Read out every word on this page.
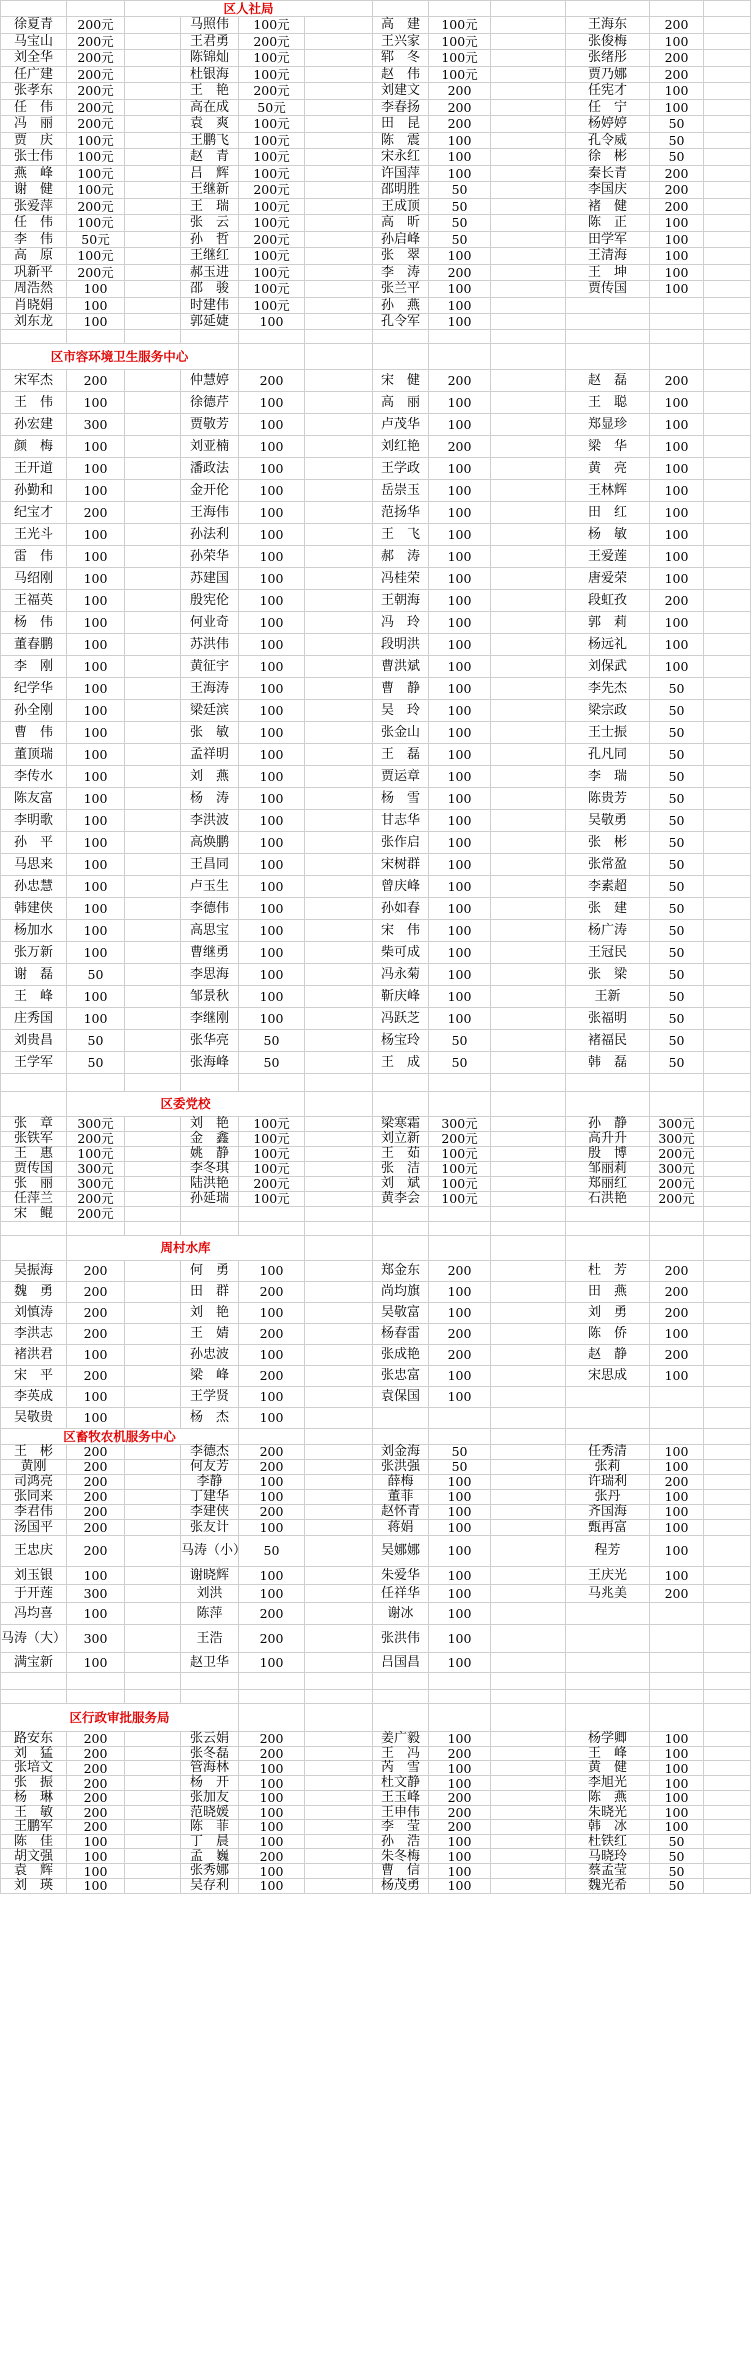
		区人社局									
徐夏青	200元		马照伟	100元		高　建	100元		王海东	200	
马宝山	200元		王君勇	200元		王兴家	100元		张俊梅	100	
刘全华	200元		陈锦灿	100元		郓　冬	100元		张绪彤	200	
任广建	200元		杜银海	100元		赵　伟	100元		贾乃娜	200	
张孝东	200元		王　艳	200元		刘建文	200		任宪才	100	
任　伟	200元		高在成	50元		李春扬	200		任　宁	100	
冯　丽	200元		袁　爽	100元		田　昆	200		杨婷婷	50	
贾　庆	100元		王鹏飞	100元		陈　震	100		孔令威	50	
张士伟	100元		赵　青	100元		宋永红	100		徐　彬	50	
燕　峰	100元		吕　辉	100元		许国萍	100		秦长青	200	
谢　健	100元		王继新	200元		邵明胜	50		李国庆	200	
张爱萍	200元		王　瑞	100元		王成顶	50		褚　健	200	
任　伟	100元		张　云	100元		高　昕	50		陈　正	100	
李　伟	50元		孙　哲	200元		孙启峰	50		田学军	100	
高　原	100元		王继红	100元		张　翠	100		王清海	100	
巩新平	200元		郝玉进	100元		李　涛	200		王　坤	100	
周浩然	100		邵　骏	100元		张兰平	100		贾传国	100	
肖晓娟	100		时建伟	100元		孙　燕	100				
刘东龙	100		郭延婕	100		孔令军	100				

区市容环境卫生服务中心											
宋军杰	200		仲慧婷	200		宋　健	200		赵　磊	200	
王　伟	100		徐德芹	100		高　丽	100		王　聪	100	
孙宏建	300		贾敬芳	100		卢茂华	100		郑显珍	100	
颜　梅	100		刘亚楠	100		刘红艳	200		梁　华	100	
王开道	100		潘政法	100		王学政	100		黄　亮	100	
孙勤和	100		金开伦	100		岳崇玉	100		王林辉	100	
纪宝才	200		王海伟	100		范扬华	100		田　红	100	
王光斗	100		孙法利	100		王　飞	100		杨　敏	100	
雷　伟	100		孙荣华	100		郝　涛	100		王爱莲	100	
马绍刚	100		苏建国	100		冯桂荣	100		唐爱荣	100	
王福英	100		殷宪伦	100		王朝海	100		段虹孜	200	
杨　伟	100		何业奇	100		冯　玲	100		郭　莉	100	
董春鹏	100		苏洪伟	100		段明洪	100		杨远礼	100	
李　刚	100		黄征宇	100		曹洪斌	100		刘保武	100	
纪学华	100		王海涛	100		曹　静	100		李先杰	50	
孙全刚	100		梁廷滨	100		吴　玲	100		梁宗政	50	
曹　伟	100		张　敏	100		张金山	100		王士振	50	
董顶瑞	100		孟祥明	100		王　磊	100		孔凡同	50	
李传水	100		刘　燕	100		贾运章	100		李　瑞	50	
陈友富	100		杨　涛	100		杨　雪	100		陈贵芳	50	
李明歌	100		李洪波	100		甘志华	100		吴敬勇	50	
孙　平	100		高焕鹏	100		张作启	100		张　彬	50	
马思来	100		王昌同	100		宋树群	100		张常盈	50	
孙忠慧	100		卢玉生	100		曾庆峰	100		李素超	50	
韩建侠	100		李德伟	100		孙如春	100		张　建	50	
杨加水	100		高思宝	100		宋　伟	100		杨广涛	50	
张万新	100		曹继勇	100		柴可成	100		王冠民	50	
谢　磊	50		李思海	100		冯永菊	100		张　梁	50	
王　峰	100		邹景秋	100		靳庆峰	100		王新	50	
庄秀国	100		李继刚	100		冯跃芝	100		张福明	50	
刘贵昌	50		张华亮	50		杨宝玲	50		褚福民	50	
王学军	50		张海峰	50		王　成	50		韩　磊	50	

	区委党校										
张　章	300元		刘　艳	100元		梁寒霜	300元		孙　静	300元	
张铁军	200元		金　鑫	100元		刘立新	200元		高升升	300元	
王　惠	100元		姚　静	100元		王　茹	100元		殷　博	200元	
贾传国	300元		李冬琪	100元		张　洁	100元		邹丽莉	300元	
张　丽	300元		陆洪艳	200元		刘　斌	100元		郑丽红	200元	
任萍兰	200元		孙延瑞	100元		黄李会	100元		石洪艳	200元	
宋　鲲	200元										

	周村水库										
吴振海	200		何　勇	100		郑金东	200		杜　芳	200	
魏　勇	200		田　群	200		尚均旗	100		田　燕	200	
刘慎涛	200		刘　艳	100		吴敬富	100		刘　勇	200	
李洪志	200		王　婧	200		杨春雷	200		陈　侨	100	
褚洪君	100		孙忠波	100		张成艳	200		赵　静	200	
宋　平	200		梁　峰	200		张忠富	100		宋思成	100	
李英成	100		王学贤	100		袁保国	100				
吴敬贵	100		杨　杰	100							
区畜牧农机服务中心											
王　彬	200		李德杰	200		刘金海	50		任秀清	100	
黄刚	200		何友芳	200		张洪强	50		张莉	100	
司鸿亮	200		李静	100		薛梅	100		许瑞利	200	
张同来	200		丁建华	100		董菲	100		张丹	100	
李君伟	200		李建侠	200		赵怀青	100		齐国海	100	
汤国平	200		张友计	100		蒋娟	100		甄再富	100	
王忠庆	200		马涛（小）	50		吴娜娜	100		程芳	100	
刘玉银	100		谢晓辉	100		朱爱华	100		王庆光	100	
于开莲	300		刘洪	100		任祥华	100		马兆美	200	
冯均喜	100		陈萍	200		谢冰	100				
马涛（大）	300		王浩	200		张洪伟	100				
满宝新	100		赵卫华	100		吕国昌	100				

区行政审批服务局											
路安东	200		张云娟	200		姜广毅	100		杨学卿	100	
刘　猛	200		张冬磊	200		王　冯	200		王　峰	100	
张培文	200		管海林	100		芮　雪	100		黄　健	100	
张　振	200		杨　开	100		杜文静	100		李旭光	100	
杨　琳	200		张加友	100		王玉峰	200		陈　燕	100	
王　敏	200		范晓媛	100		王申伟	200		朱晓光	100	
王鹏军	200		陈　菲	100		李　莹	200		韩　冰	100	
陈　佳	100		丁　晨	100		孙　浩	100		杜铁红	50	
胡文强	100		孟　巍	200		朱冬梅	100		马晓玲	50	
袁　辉	100		张秀娜	100		曹　信	100		蔡孟莹	50	
刘　瑛	100		吴存利	100		杨茂勇	100		魏光希	50	
